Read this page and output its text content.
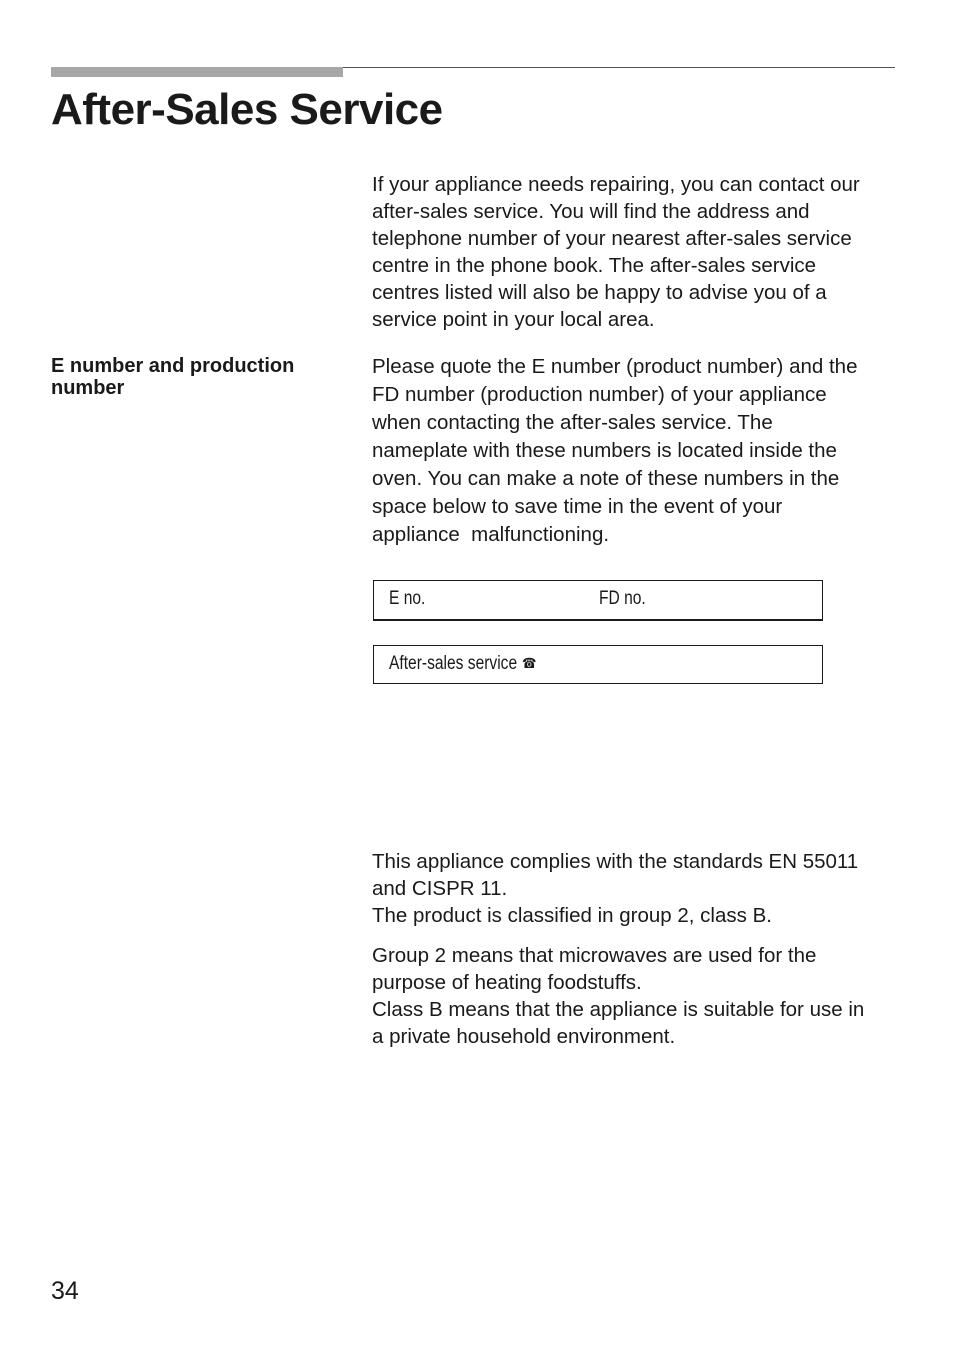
After-Sales Service
If your appliance needs repairing, you can contact our
after-sales service. You will find the address and
telephone number of your nearest after-sales service
centre in the phone book. The after-sales service
centres listed will also be happy to advise you of a
service point in your local area.
E number and production
number
Please quote the E number (product number) and the
FD number (production number) of your appliance
when contacting the after-sales service. The
nameplate with these numbers is located inside the
oven. You can make a note of these numbers in the
space below to save time in the event of your
appliance  malfunctioning.
E no.	FD no.
After-sales service ☎
This appliance complies with the standards EN 55011
and CISPR 11.
The product is classified in group 2, class B.
Group 2 means that microwaves are used for the
purpose of heating foodstuffs.
Class B means that the appliance is suitable for use in
a private household environment.
34
